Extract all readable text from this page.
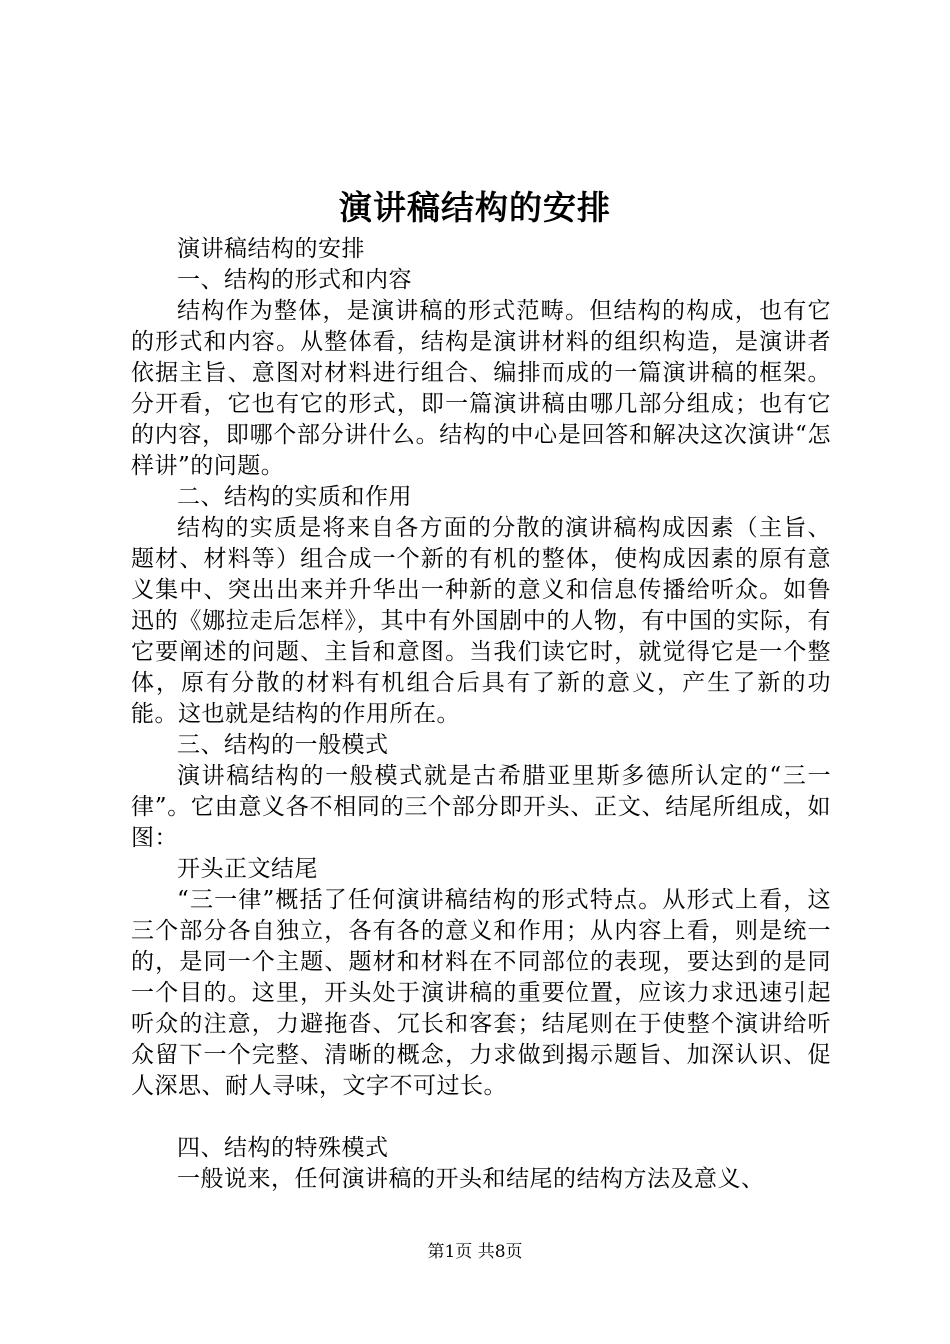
演讲稿结构的安排

演讲稿结构的安排

一、结构的形式和内容

结构作为整体，是演讲稿的形式范畴。但结构的构成，也有它的形式和内容。从整体看，结构是演讲材料的组织构造，是演讲者依据主旨、意图对材料进行组合、编排而成的一篇演讲稿的框架。分开看，它也有它的形式，即一篇演讲稿由哪几部分组成；也有它的内容，即哪个部分讲什么。结构的中心是回答和解决这次演讲“怎样讲”的问题。

二、结构的实质和作用

结构的实质是将来自各方面的分散的演讲稿构成因素（主旨、题材、材料等）组合成一个新的有机的整体，使构成因素的原有意义集中、突出出来并升华出一种新的意义和信息传播给听众。如鲁迅的《娜拉走后怎样》，其中有外国剧中的人物，有中国的实际，有它要阐述的问题、主旨和意图。当我们读它时，就觉得它是一个整体，原有分散的材料有机组合后具有了新的意义，产生了新的功能。这也就是结构的作用所在。

三、结构的一般模式

演讲稿结构的一般模式就是古希腊亚里斯多德所认定的“三一律”。它由意义各不相同的三个部分即开头、正文、结尾所组成，如图：

开头正文结尾

“三一律”概括了任何演讲稿结构的形式特点。从形式上看，这三个部分各自独立，各有各的意义和作用；从内容上看，则是统一的，是同一个主题、题材和材料在不同部位的表现，要达到的是同一个目的。这里，开头处于演讲稿的重要位置，应该力求迅速引起听众的注意，力避拖沓、冗长和客套；结尾则在于使整个演讲给听众留下一个完整、清晰的概念，力求做到揭示题旨、加深认识、促人深思、耐人寻味，文字不可过长。

四、结构的特殊模式

一般说来，任何演讲稿的开头和结尾的结构方法及意义、

第1页 共8页
